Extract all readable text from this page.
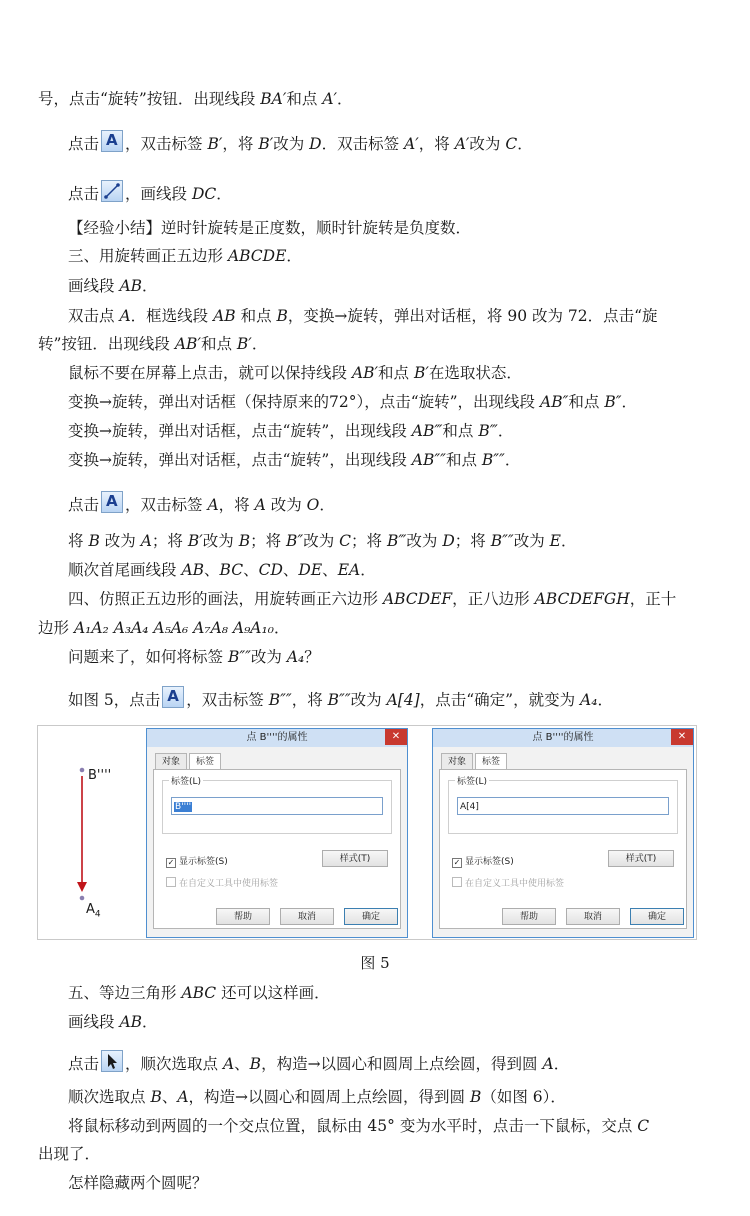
号，点击“旋转”按钮．出现线段 BA′和点 A′．
点击 A ，双击标签 B′，将 B′改为 D．双击标签 A′，将 A′改为 C．
点击 ，画线段 DC．
【经验小结】逆时针旋转是正度数，顺时针旋转是负度数．
三、用旋转画正五边形 ABCDE．
画线段 AB．
双击点 A．框选线段 AB 和点 B，变换→旋转，弹出对话框，将 90 改为 72．点击“旋
转”按钮．出现线段 AB′和点 B′．
鼠标不要在屏幕上点击，就可以保持线段 AB′和点 B′在选取状态．
变换→旋转，弹出对话框（保持原来的72°），点击“旋转”，出现线段 AB″和点 B″．
变换→旋转，弹出对话框，点击“旋转”，出现线段 AB‴和点 B‴．
变换→旋转，弹出对话框，点击“旋转”，出现线段 AB″″和点 B″″．
点击 A ，双击标签 A，将 A 改为 O．
将 B 改为 A；将 B′改为 B；将 B″改为 C；将 B‴改为 D；将 B″″改为 E．
顺次首尾画线段 AB、BC、CD、DE、EA．
四、仿照正五边形的画法，用旋转画正六边形 ABCDEF，正八边形 ABCDEFGH，正十
边形 A₁A₂ A₃A₄ A₅A₆ A₇A₈ A₉A₁₀．
问题来了，如何将标签 B″″改为 A₄？
如图 5，点击 A ，双击标签 B″″，将 B″″改为 A[4]，点击“确定”，就变为 A₄．
B''''
$A_4$
点 B''''的属性	✕
对象	标签
标签(L)
B''''
✓ 显示标签(S)	样式(T)
在自定义工具中使用标签
帮助	取消	确定
点 B''''的属性	✕
对象	标签
标签(L)
A[4]
✓ 显示标签(S)	样式(T)
在自定义工具中使用标签
帮助	取消	确定
图 5
五、等边三角形 ABC 还可以这样画．
画线段 AB．
点击 ，顺次选取点 A、B，构造→以圆心和圆周上点绘圆，得到圆 A．
顺次选取点 B、A，构造→以圆心和圆周上点绘圆，得到圆 B（如图 6）．
将鼠标移动到两圆的一个交点位置，鼠标由 45° 变为水平时，点击一下鼠标，交点 C
出现了．
怎样隐藏两个圆呢？
